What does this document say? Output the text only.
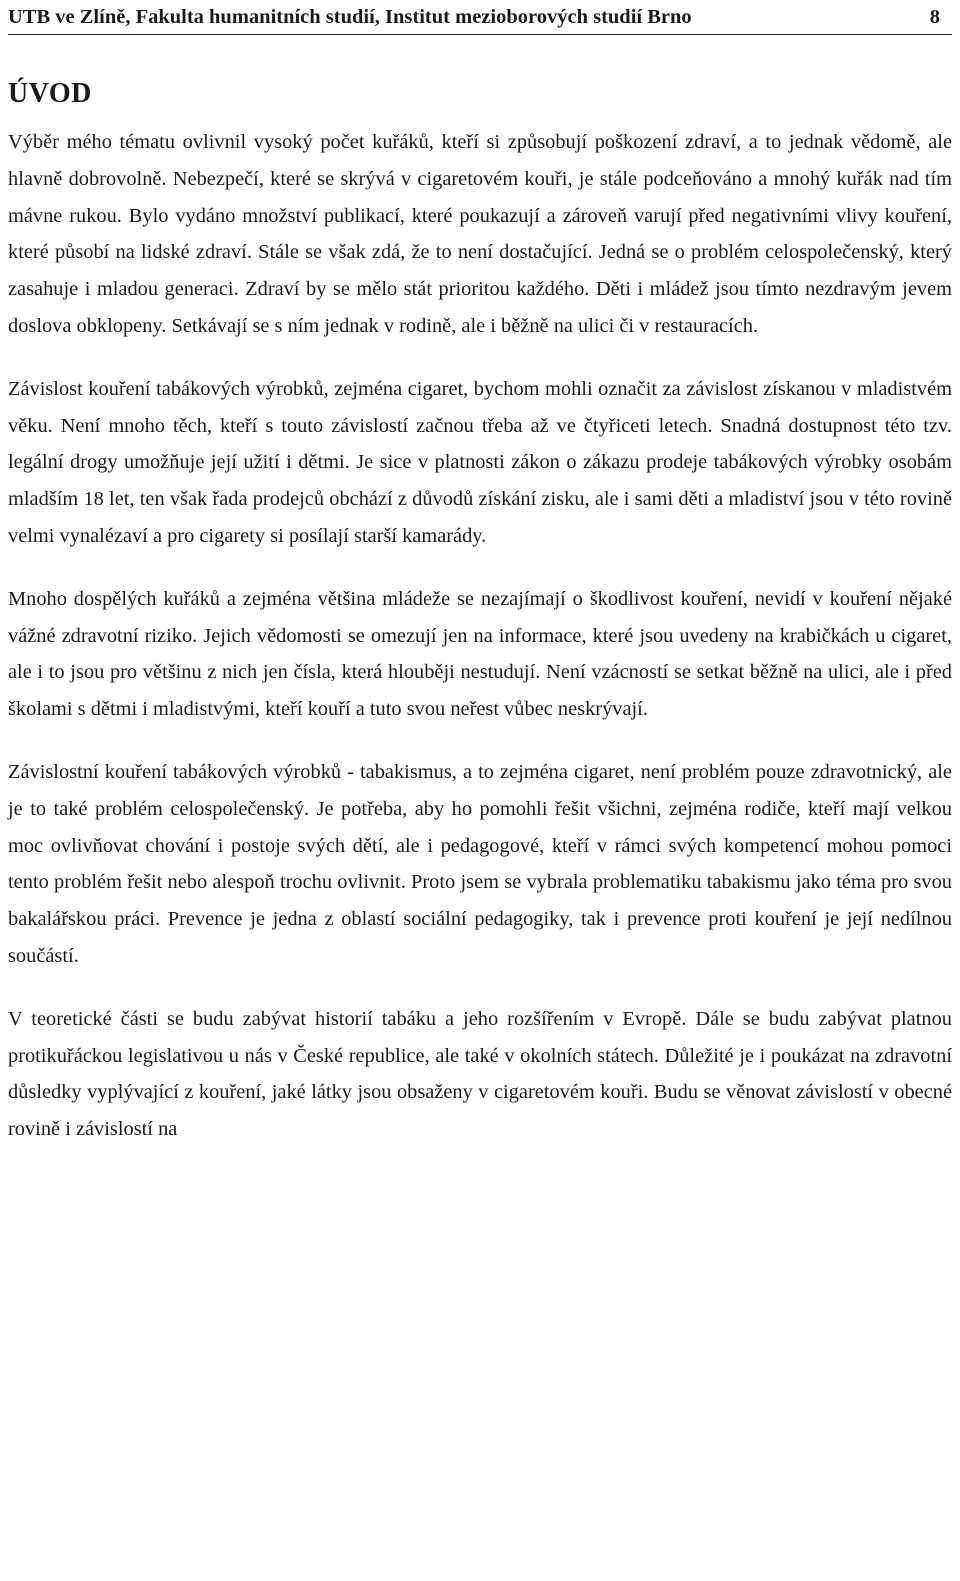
UTB ve Zlíně, Fakulta humanitních studií, Institut mezioborových studií Brno	8
ÚVOD

Výběr mého tématu ovlivnil vysoký počet kuřáků, kteří si způsobují poškození zdraví, a to jednak vědomě, ale hlavně dobrovolně. Nebezpečí, které se skrývá v cigaretovém kouři, je stále podceňováno a mnohý kuřák nad tím mávne rukou. Bylo vydáno množství publikací, které poukazují a zároveň varují před negativními vlivy kouření, které působí na lidské zdraví. Stále se však zdá, že to není dostačující. Jedná se o problém celospolečenský, který zasahuje i mladou generaci. Zdraví by se mělo stát prioritou každého. Děti i mládež jsou tímto nezdravým jevem doslova obklopeny. Setkávají se s ním jednak v rodině, ale i běžně na ulici či v restauracích.

Závislost kouření tabákových výrobků, zejména cigaret, bychom mohli označit za závislost získanou v mladistvém věku. Není mnoho těch, kteří s touto závislostí začnou třeba až ve čtyřiceti letech. Snadná dostupnost této tzv. legální drogy umožňuje její užití i dětmi. Je sice v platnosti zákon o zákazu prodeje tabákových výrobky osobám mladším 18 let, ten však řada prodejců obchází z důvodů získání zisku, ale i sami děti a mladiství jsou v této rovině velmi vynalézaví a pro cigarety si posílají starší kamarády.

Mnoho dospělých kuřáků a zejména většina mládeže se nezajímají o škodlivost kouření, nevidí v kouření nějaké vážné zdravotní riziko. Jejich vědomosti se omezují jen na informace, které jsou uvedeny na krabičkách u cigaret, ale i to jsou pro většinu z nich jen čísla, která hlouběji nestudují. Není vzácností se setkat běžně na ulici, ale i před školami s dětmi i mladistvými, kteří kouří a tuto svou neřest vůbec neskrývají.

Závislostní kouření tabákových výrobků - tabakismus, a to zejména cigaret, není problém pouze zdravotnický, ale je to také problém celospolečenský. Je potřeba, aby ho pomohli řešit všichni, zejména rodiče, kteří mají velkou moc ovlivňovat chování i postoje svých dětí, ale i pedagogové, kteří v rámci svých kompetencí mohou pomoci tento problém řešit nebo alespoň trochu ovlivnit. Proto jsem se vybrala problematiku tabakismu jako téma pro svou bakalářskou práci. Prevence je jedna z oblastí sociální pedagogiky, tak i prevence proti kouření je její nedílnou součástí.

V teoretické části se budu zabývat historií tabáku a jeho rozšířením v Evropě. Dále se budu zabývat platnou protikuřáckou legislativou u nás v České republice, ale také v okolních státech. Důležité je i poukázat na zdravotní důsledky vyplývající z kouření, jaké látky jsou obsaženy v cigaretovém kouři. Budu se věnovat závislostí v obecné rovině i závislostí na
